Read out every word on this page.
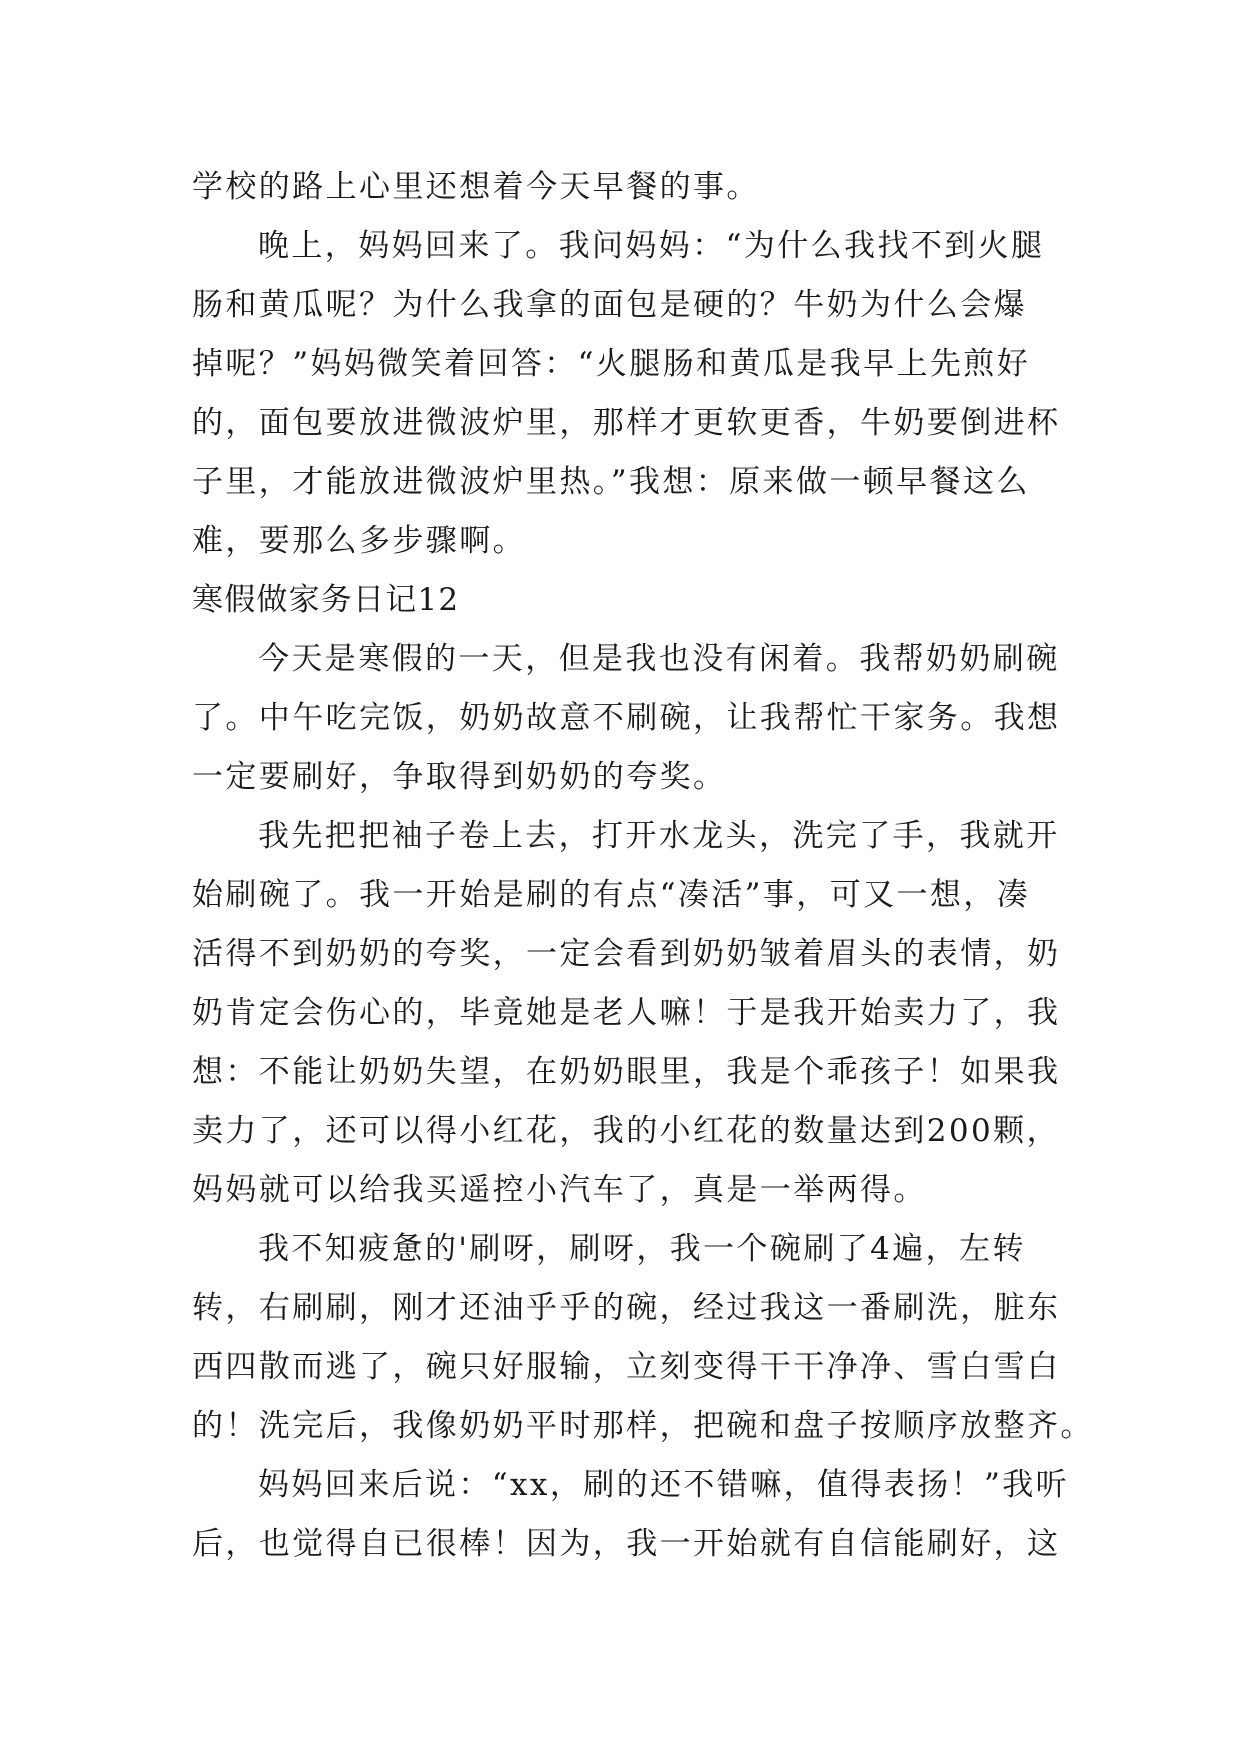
学校的路上心里还想着今天早餐的事。
晚上，妈妈回来了。我问妈妈：“为什么我找不到火腿
肠和黄瓜呢？为什么我拿的面包是硬的？牛奶为什么会爆
掉呢？”妈妈微笑着回答：“火腿肠和黄瓜是我早上先煎好
的，面包要放进微波炉里，那样才更软更香，牛奶要倒进杯
子里，才能放进微波炉里热。”我想：原来做一顿早餐这么
难，要那么多步骤啊。
寒假做家务日记12
今天是寒假的一天，但是我也没有闲着。我帮奶奶刷碗
了。中午吃完饭，奶奶故意不刷碗，让我帮忙干家务。我想
一定要刷好，争取得到奶奶的夸奖。
我先把把袖子卷上去，打开水龙头，洗完了手，我就开
始刷碗了。我一开始是刷的有点“凑活”事，可又一想，凑
活得不到奶奶的夸奖，一定会看到奶奶皱着眉头的表情，奶
奶肯定会伤心的，毕竟她是老人嘛！于是我开始卖力了，我
想：不能让奶奶失望，在奶奶眼里，我是个乖孩子！如果我
卖力了，还可以得小红花，我的小红花的数量达到200颗，
妈妈就可以给我买遥控小汽车了，真是一举两得。
我不知疲惫的'刷呀，刷呀，我一个碗刷了4遍，左转
转，右刷刷，刚才还油乎乎的碗，经过我这一番刷洗，脏东
西四散而逃了，碗只好服输，立刻变得干干净净、雪白雪白
的！洗完后，我像奶奶平时那样，把碗和盘子按顺序放整齐。
妈妈回来后说：“xx，刷的还不错嘛，值得表扬！”我听
后，也觉得自已很棒！因为，我一开始就有自信能刷好，这
